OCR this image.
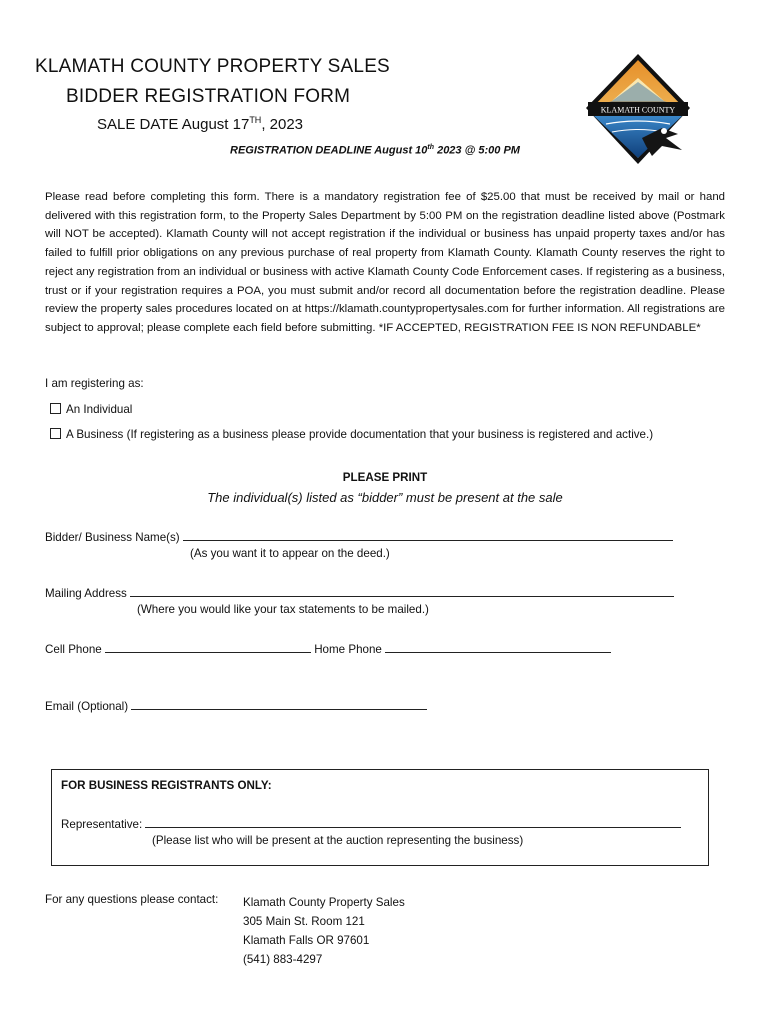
KLAMATH COUNTY PROPERTY SALES
BIDDER REGISTRATION FORM
SALE DATE August 17TH, 2023
REGISTRATION DEADLINE August 10th 2023 @ 5:00 PM
KLAMATH COUNTY
Please read before completing this form. There is a mandatory registration fee of $25.00 that must be received by mail or hand delivered with this registration form, to the Property Sales Department by 5:00 PM on the registration deadline listed above (Postmark will NOT be accepted). Klamath County will not accept registration if the individual or business has unpaid property taxes and/or has failed to fulfill prior obligations on any previous purchase of real property from Klamath County. Klamath County reserves the right to reject any registration from an individual or business with active Klamath County Code Enforcement cases. If registering as a business, trust or if your registration requires a POA, you must submit and/or record all documentation before the registration deadline. Please review the property sales procedures located on at https://klamath.countypropertysales.com for further information. All registrations are subject to approval; please complete each field before submitting. *IF ACCEPTED, REGISTRATION FEE IS NON REFUNDABLE*
I am registering as:
An Individual
A Business (If registering as a business please provide documentation that your business is registered and active.)
PLEASE PRINT
The individual(s) listed as “bidder” must be present at the sale
Bidder/ Business Name(s)
(As you want it to appear on the deed.)
Mailing Address
(Where you would like your tax statements to be mailed.)
Cell Phone	Home Phone
Email (Optional)
FOR BUSINESS REGISTRANTS ONLY:
Representative:
(Please list who will be present at the auction representing the business)
For any questions please contact: Klamath County Property Sales
305 Main St. Room 121
Klamath Falls OR 97601
(541) 883-4297
